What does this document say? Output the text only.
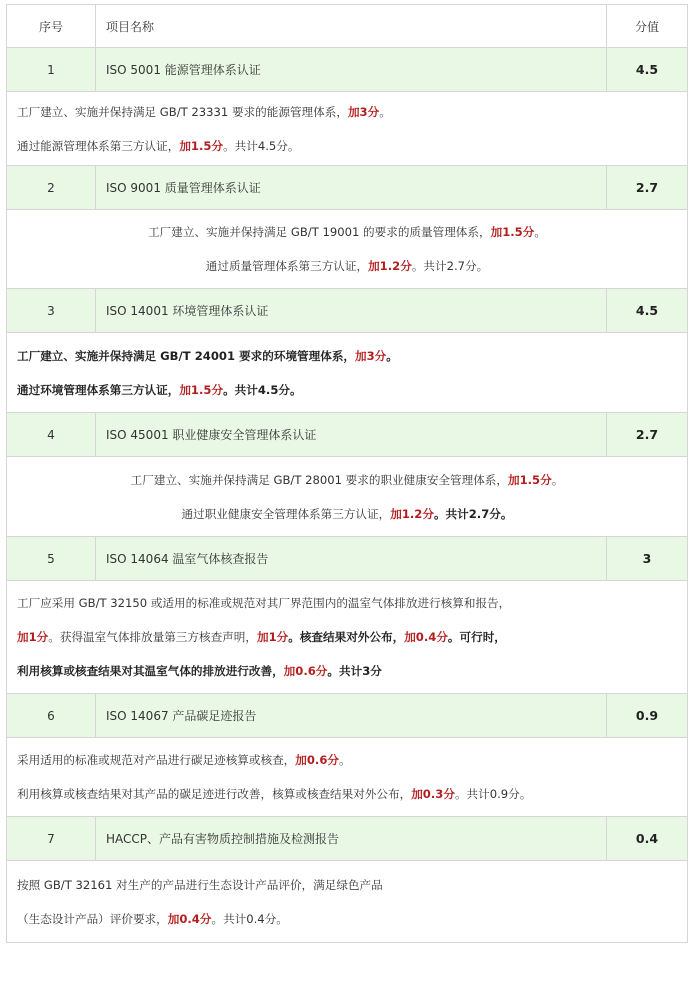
序号	项目名称	分值
1	ISO 5001 能源管理体系认证	4.5

工厂建立、实施并保持满足 GB/T 23331 要求的能源管理体系，加3分。
通过能源管理体系第三方认证，加1.5分。共计4.5分。		

2	ISO 9001 质量管理体系认证	2.7

工厂建立、实施并保持满足 GB/T 19001 的要求的质量管理体系，加1.5分。
通过质量管理体系第三方认证，加1.2分。共计2.7分。		

3	ISO 14001 环境管理体系认证	4.5

工厂建立、实施并保持满足 GB/T 24001 要求的环境管理体系，加3分。
通过环境管理体系第三方认证，加1.5分。共计4.5分。		

4	ISO 45001 职业健康安全管理体系认证	2.7

工厂建立、实施并保持满足 GB/T 28001 要求的职业健康安全管理体系，加1.5分。
通过职业健康安全管理体系第三方认证，加1.2分。共计2.7分。		

5	ISO 14064 温室气体核查报告	3

工厂应采用 GB/T 32150 或适用的标准或规范对其厂界范围内的温室气体排放进行核算和报告，
加1分。获得温室气体排放量第三方核查声明，加1分。核查结果对外公布，加0.4分。可行时，
利用核算或核查结果对其温室气体的排放进行改善，加0.6分。共计3分		

6	ISO 14067 产品碳足迹报告	0.9

采用适用的标准或规范对产品进行碳足迹核算或核查，加0.6分。
利用核算或核查结果对其产品的碳足迹进行改善，核算或核查结果对外公布，加0.3分。共计0.9分。		

7	HACCP、产品有害物质控制措施及检测报告	0.4

按照 GB/T 32161 对生产的产品进行生态设计产品评价，满足绿色产品
（生态设计产品）评价要求，加0.4分。共计0.4分。		
